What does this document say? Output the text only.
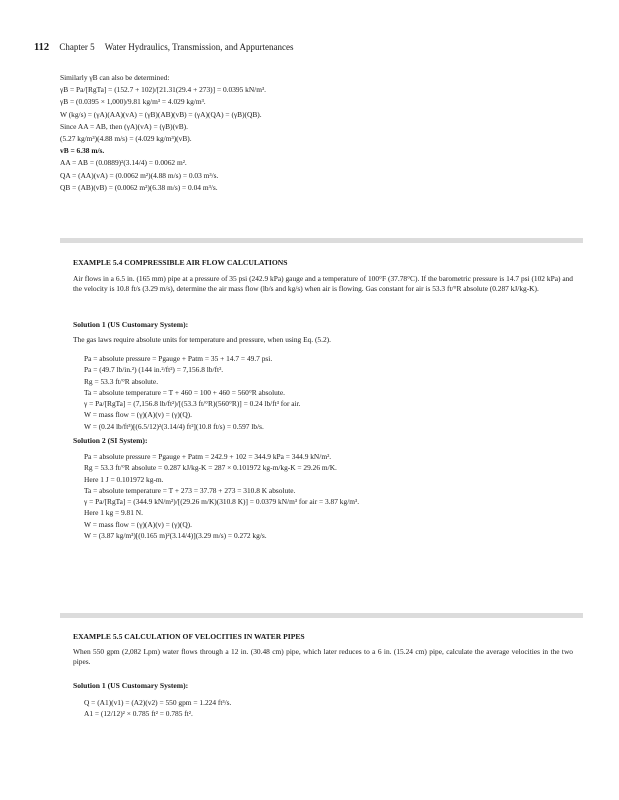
112 Chapter 5 Water Hydraulics, Transmission, and Appurtenances
Similarly γB can also be determined:
γB = Pa/[RgTa] = (152.7 + 102)/[21.31(29.4 + 273)] = 0.0395 kN/m³.
γB = (0.0395 × 1,000)/9.81 kg/m³ = 4.029 kg/m³.
W (kg/s) = (γA)(AA)(vA) = (γB)(AB)(vB) = (γA)(QA) = (γB)(QB).
Since AA = AB, then (γA)(vA) = (γB)(vB).
(5.27 kg/m³)(4.88 m/s) = (4.029 kg/m³)(vB).
vB = 6.38 m/s.
AA = AB = (0.0889)²(3.14/4) = 0.0062 m².
QA = (AA)(vA) = (0.0062 m²)(4.88 m/s) = 0.03 m³/s.
QB = (AB)(vB) = (0.0062 m²)(6.38 m/s) = 0.04 m³/s.
EXAMPLE 5.4 COMPRESSIBLE AIR FLOW CALCULATIONS
Air flows in a 6.5 in. (165 mm) pipe at a pressure of 35 psi (242.9 kPa) gauge and a temperature of 100°F (37.78°C). If the barometric pressure is 14.7 psi (102 kPa) and the velocity is 10.8 ft/s (3.29 m/s), determine the air mass flow (lb/s and kg/s) when air is flowing. Gas constant for air is 53.3 ft/°R absolute (0.287 kJ/kg-K).
Solution 1 (US Customary System):
The gas laws require absolute units for temperature and pressure, when using Eq. (5.2).
Pa = absolute pressure = Pgauge + Patm = 35 + 14.7 = 49.7 psi.
Pa = (49.7 lb/in.²) (144 in.²/ft²) = 7,156.8 lb/ft².
Rg = 53.3 ft/°R absolute.
Ta = absolute temperature = T + 460 = 100 + 460 = 560°R absolute.
γ = Pa/[RgTa] = (7,156.8 lb/ft²)/[(53.3 ft/°R)(560°R)] = 0.24 lb/ft³ for air.
W = mass flow = (γ)(A)(v) = (γ)(Q).
W = (0.24 lb/ft³)[(6.5/12)²(3.14/4) ft²](10.8 ft/s) = 0.597 lb/s.
Solution 2 (SI System):
Pa = absolute pressure = Pgauge + Patm = 242.9 + 102 = 344.9 kPa = 344.9 kN/m².
Rg = 53.3 ft/°R absolute = 0.287 kJ/kg-K = 287 × 0.101972 kg-m/kg-K = 29.26 m/K.
Here 1 J = 0.101972 kg-m.
Ta = absolute temperature = T + 273 = 37.78 + 273 = 310.8 K absolute.
γ = Pa/[RgTa] = (344.9 kN/m²)/[(29.26 m/K)(310.8 K)] = 0.0379 kN/m³ for air = 3.87 kg/m³.
Here 1 kg = 9.81 N.
W = mass flow = (γ)(A)(v) = (γ)(Q).
W = (3.87 kg/m³)[(0.165 m)²(3.14/4)](3.29 m/s) = 0.272 kg/s.
EXAMPLE 5.5 CALCULATION OF VELOCITIES IN WATER PIPES
When 550 gpm (2,082 Lpm) water flows through a 12 in. (30.48 cm) pipe, which later reduces to a 6 in. (15.24 cm) pipe, calculate the average velocities in the two pipes.
Solution 1 (US Customary System):
Q = (A1)(v1) = (A2)(v2) = 550 gpm = 1.224 ft³/s.
A1 = (12/12)² × 0.785 ft² = 0.785 ft².
